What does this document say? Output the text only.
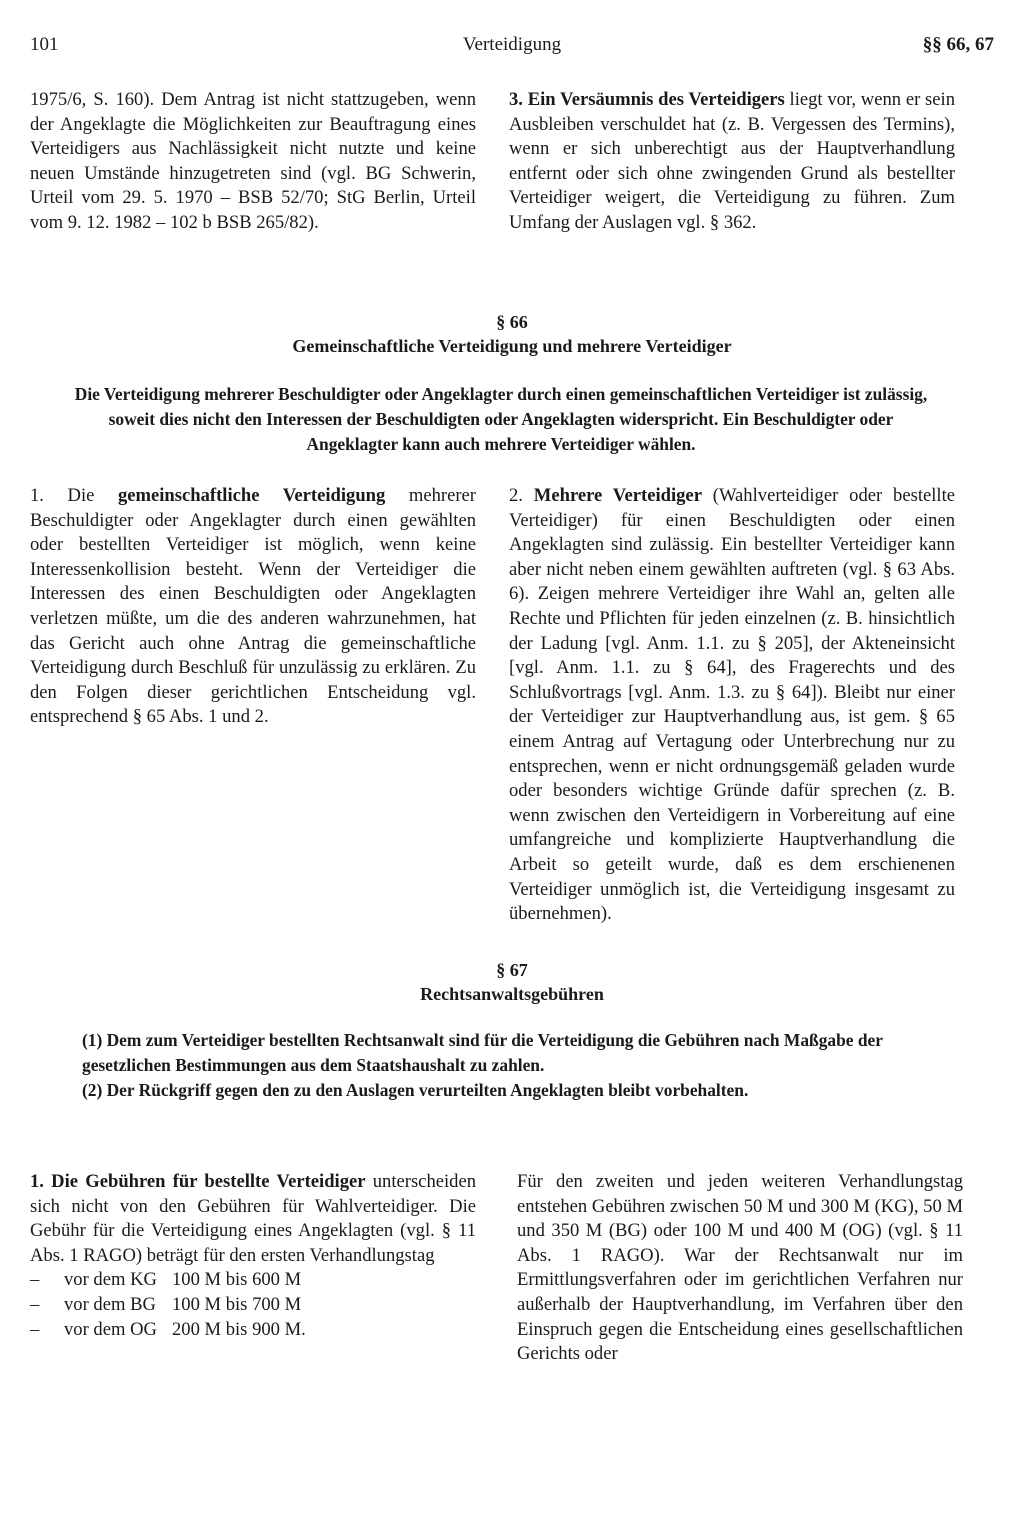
101	Verteidigung	§§ 66, 67

1975/6, S. 160). Dem Antrag ist nicht stattzugeben, wenn der Angeklagte die Möglichkeiten zur Beauftragung eines Verteidigers aus Nachlässigkeit nicht nutzte und keine neuen Umstände hinzugetreten sind (vgl. BG Schwerin, Urteil vom 29. 5. 1970 – BSB 52/70; StG Berlin, Urteil vom 9. 12. 1982 – 102 b BSB 265/82).

3. Ein Versäumnis des Verteidigers liegt vor, wenn er sein Ausbleiben verschuldet hat (z. B. Vergessen des Termins), wenn er sich unberechtigt aus der Hauptverhandlung entfernt oder sich ohne zwingenden Grund als bestellter Verteidiger weigert, die Verteidigung zu führen. Zum Umfang der Auslagen vgl. § 362.

§ 66
Gemeinschaftliche Verteidigung und mehrere Verteidiger
Die Verteidigung mehrerer Beschuldigter oder Angeklagter durch einen gemeinschaftlichen Verteidiger ist zulässig, soweit dies nicht den Interessen der Beschuldigten oder Angeklagten widerspricht. Ein Beschuldigter oder Angeklagter kann auch mehrere Verteidiger wählen.

1. Die gemeinschaftliche Verteidigung mehrerer Beschuldigter oder Angeklagter durch einen gewählten oder bestellten Verteidiger ist möglich, wenn keine Interessenkollision besteht. Wenn der Verteidiger die Interessen des einen Beschuldigten oder Angeklagten verletzen müßte, um die des anderen wahrzunehmen, hat das Gericht auch ohne Antrag die gemeinschaftliche Verteidigung durch Beschluß für unzulässig zu erklären. Zu den Folgen dieser gerichtlichen Entscheidung vgl. entsprechend § 65 Abs. 1 und 2.

2. Mehrere Verteidiger (Wahlverteidiger oder bestellte Verteidiger) für einen Beschuldigten oder einen Angeklagten sind zulässig. Ein bestellter Verteidiger kann aber nicht neben einem gewählten auftreten (vgl. § 63 Abs. 6). Zeigen mehrere Verteidiger ihre Wahl an, gelten alle Rechte und Pflichten für jeden einzelnen (z. B. hinsichtlich der Ladung [vgl. Anm. 1.1. zu § 205], der Akteneinsicht [vgl. Anm. 1.1. zu § 64], des Fragerechts und des Schlußvortrags [vgl. Anm. 1.3. zu § 64]). Bleibt nur einer der Verteidiger zur Hauptverhandlung aus, ist gem. § 65 einem Antrag auf Vertagung oder Unterbrechung nur zu entsprechen, wenn er nicht ordnungsgemäß geladen wurde oder besonders wichtige Gründe dafür sprechen (z. B. wenn zwischen den Verteidigern in Vorbereitung auf eine umfangreiche und komplizierte Hauptverhandlung die Arbeit so geteilt wurde, daß es dem erschienenen Verteidiger unmöglich ist, die Verteidigung insgesamt zu übernehmen).

§ 67
Rechtsanwaltsgebühren

(1) Dem zum Verteidiger bestellten Rechtsanwalt sind für die Verteidigung die Gebühren nach Maßgabe der gesetzlichen Bestimmungen aus dem Staatshaushalt zu zahlen.

(2) Der Rückgriff gegen den zu den Auslagen verurteilten Angeklagten bleibt vorbehalten.

1. Die Gebühren für bestellte Verteidiger unterscheiden sich nicht von den Gebühren für Wahlverteidiger. Die Gebühr für die Verteidigung eines Angeklagten (vgl. § 11 Abs. 1 RAGO) beträgt für den ersten Verhandlungstag

–	vor dem KG 100 M bis 600 M
–	vor dem BG 100 M bis 700 M
–	vor dem OG 200 M bis 900 M.

Für den zweiten und jeden weiteren Verhandlungstag entstehen Gebühren zwischen 50 M und 300 M (KG), 50 M und 350 M (BG) oder 100 M und 400 M (OG) (vgl. § 11 Abs. 1 RAGO). War der Rechtsanwalt nur im Ermittlungsverfahren oder im gerichtlichen Verfahren nur außerhalb der Hauptverhandlung, im Verfahren über den Einspruch gegen die Entscheidung eines gesellschaftlichen Gerichts oder
